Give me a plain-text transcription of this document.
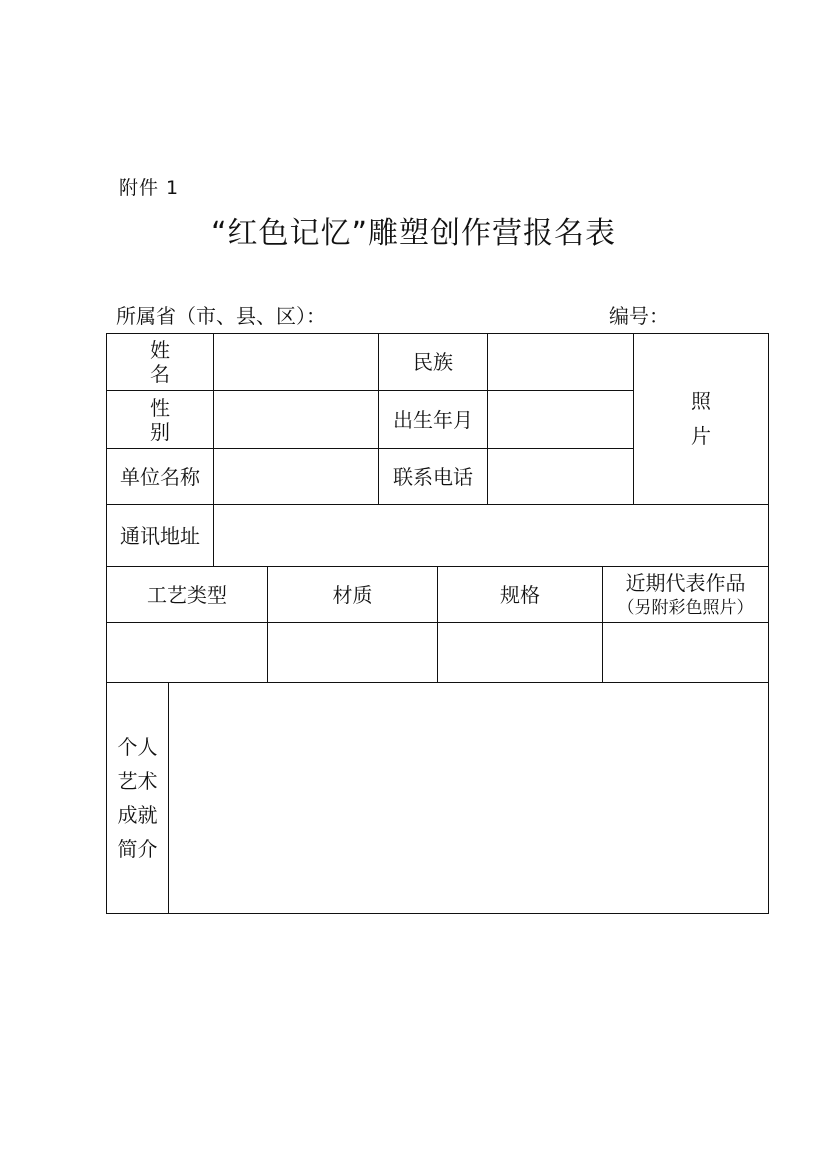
附件 1
“红色记忆”雕塑创作营报名表
所属省（市、县、区）：	编号：
姓 名	民族
照
片
性 别	出生年月
单位名称	联系电话
通讯地址
工艺类型	材质	规格	近期代表作品
（另附彩色照片）
个人
艺术
成就
简介
